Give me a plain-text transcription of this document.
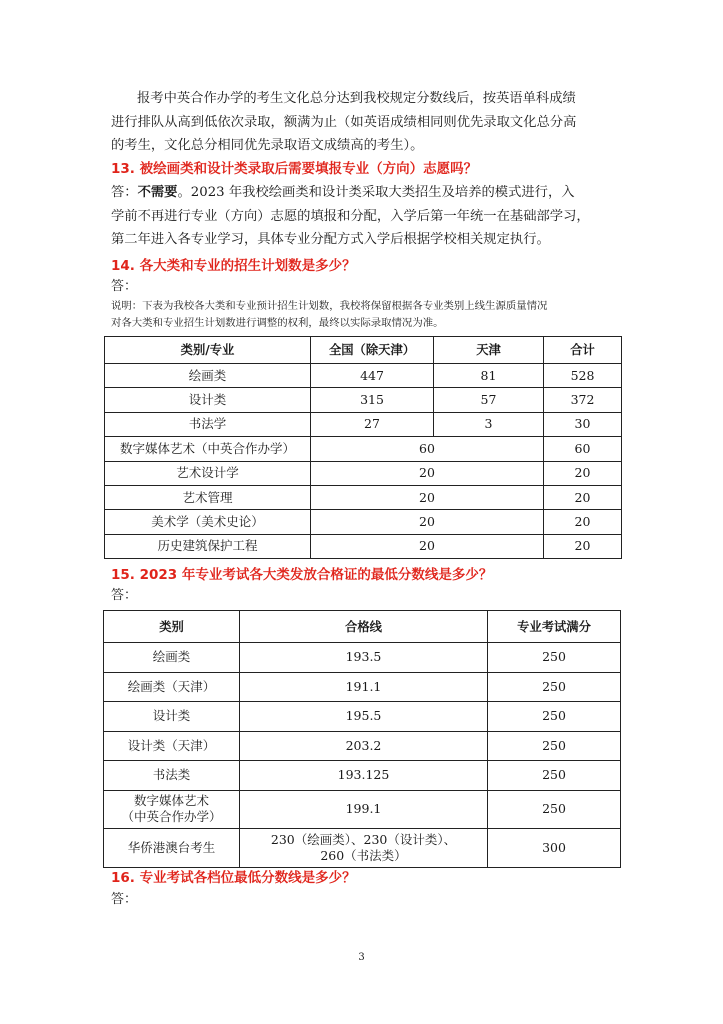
报考中英合作办学的考生文化总分达到我校规定分数线后，按英语单科成绩
进行排队从高到低依次录取，额满为止（如英语成绩相同则优先录取文化总分高
的考生，文化总分相同优先录取语文成绩高的考生）。
13. 被绘画类和设计类录取后需要填报专业（方向）志愿吗？
答：不需要。2023 年我校绘画类和设计类采取大类招生及培养的模式进行，入
学前不再进行专业（方向）志愿的填报和分配，入学后第一年统一在基础部学习，
第二年进入各专业学习，具体专业分配方式入学后根据学校相关规定执行。
14. 各大类和专业的招生计划数是多少？
答：
说明：下表为我校各大类和专业预计招生计划数，我校将保留根据各专业类别上线生源质量情况
对各大类和专业招生计划数进行调整的权利，最终以实际录取情况为准。
类别/专业	全国（除天津）	天津	合计
绘画类	447	81	528
设计类	315	57	372
书法学	27	3	30
数字媒体艺术（中英合作办学）	60		60
艺术设计学	20		20
艺术管理	20		20
美术学（美术史论）	20		20
历史建筑保护工程	20		20
15. 2023 年专业考试各大类发放合格证的最低分数线是多少？
答：
类别	合格线	专业考试满分
绘画类	193.5	250
绘画类（天津）	191.1	250
设计类	195.5	250
设计类（天津）	203.2	250
书法类	193.125	250

数字媒体艺术
（中英合作办学）	199.1	250
华侨港澳台考生	230（绘画类）、230（设计类）、
260（书法类）	300
16. 专业考试各档位最低分数线是多少？
答：
3
